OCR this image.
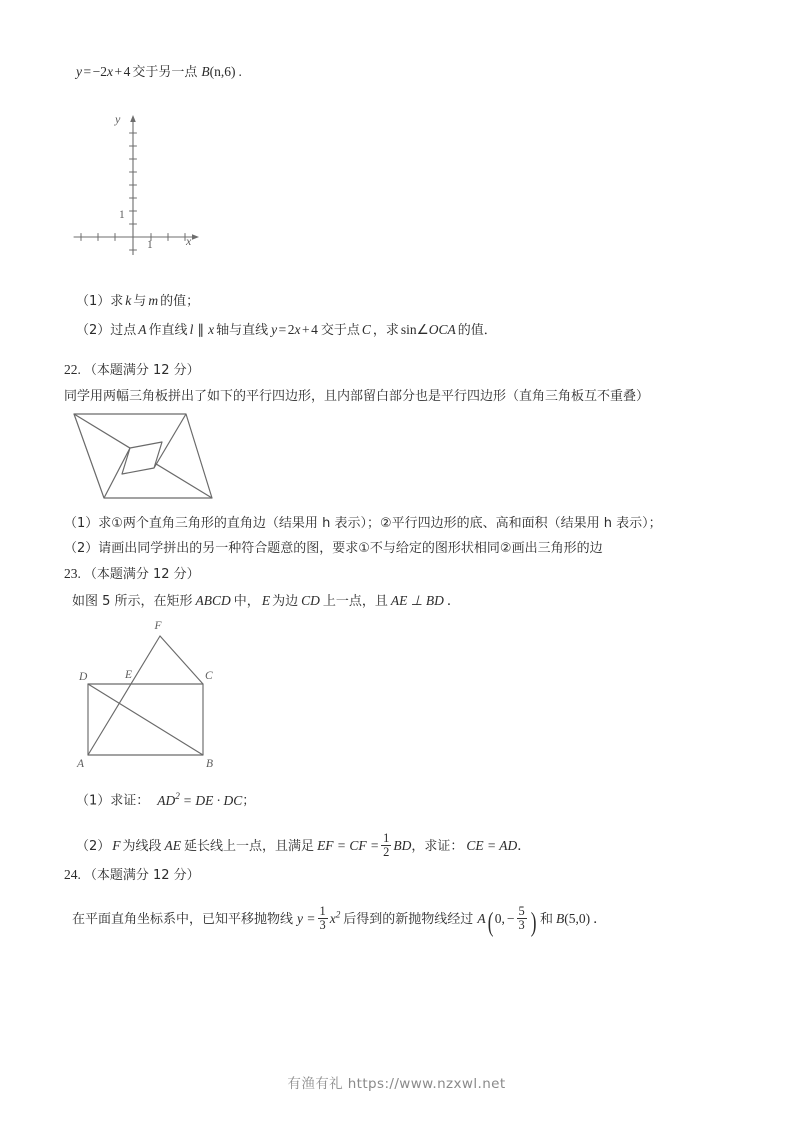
y = −2x + 4 交于另一点 B(n,6) .
y
x
1
1
（1）求 k 与 m 的值；
（2）过点 A 作直线 l ∥ x 轴与直线 y = 2x + 4 交于点 C ，求 sin∠OCA 的值．
22. （本题满分 12 分）
同学用两幅三角板拼出了如下的平行四边形，且内部留白部分也是平行四边形（直角三角板互不重叠）
（1）求①两个直角三角形的直角边（结果用 h 表示）；②平行四边形的底、高和面积（结果用 h 表示）；
（2）请画出同学拼出的另一种符合题意的图，要求①不与给定的图形状相同②画出三角形的边
23. （本题满分 12 分）
如图 5 所示，在矩形 ABCD 中， E 为边 CD 上一点，且 AE ⊥ BD ．
F
D	E	C
A	B
（1）求证： $AD^2$ = DE · DC；
（2） F 为线段 AE 延长线上一点，且满足 EF = CF = $\frac{1}{2}$ BD，求证： CE = AD．
24. （本题满分 12 分）
在平面直角坐标系中，已知平移抛物线 $y = \frac{1}{3} x^2$ 后得到的新抛物线经过 A( 0, − $\frac{5}{3}$ ) 和 B(5,0) ．
有渔有礼 https://www.nzxwl.net
